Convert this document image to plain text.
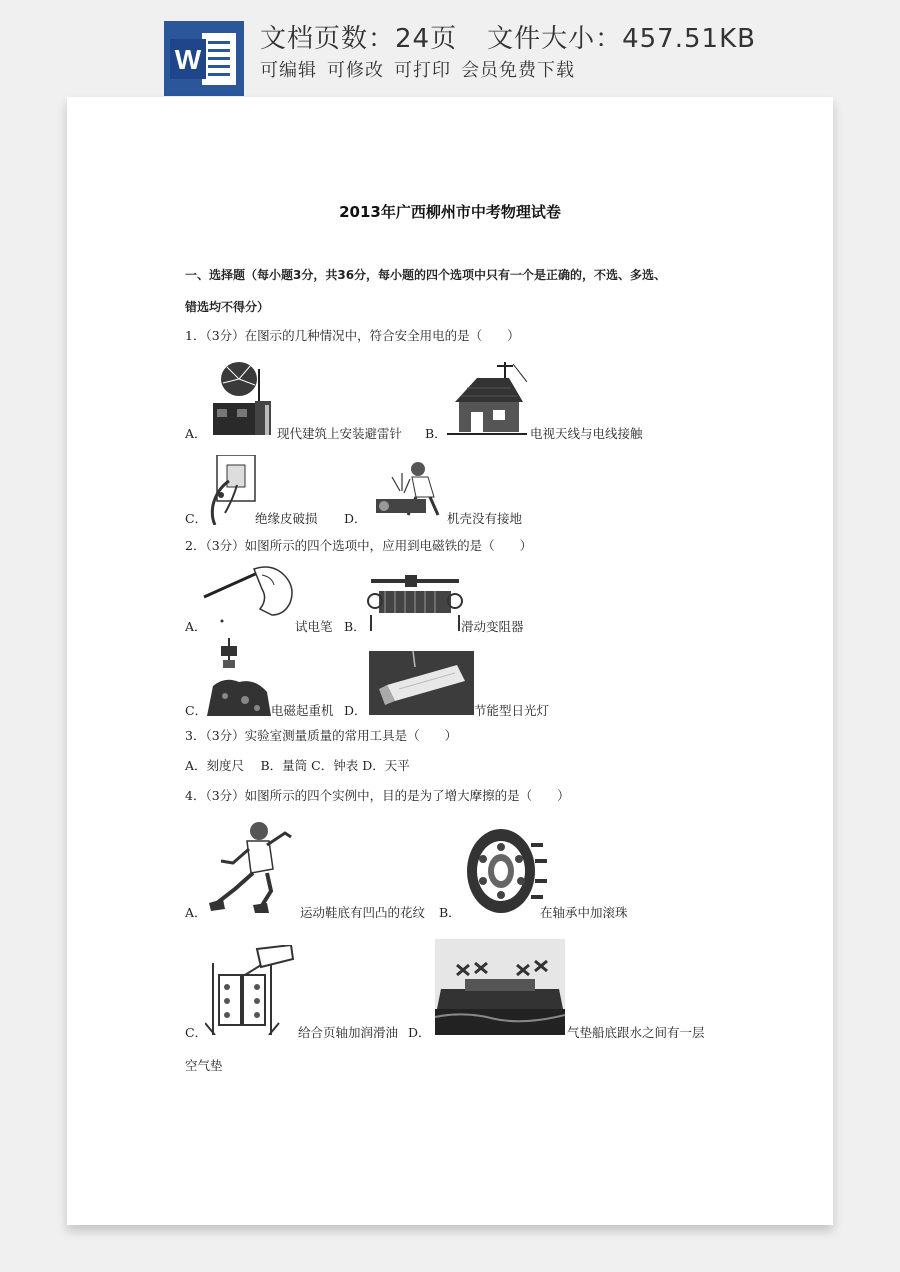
W
文档页数：24页 文件大小：457.51KB
可编辑 可修改 可打印 会员免费下载
2013年广西柳州市中考物理试卷
一、选择题（每小题3分，共36分，每小题的四个选项中只有一个是正确的，不选、多选、
错选均不得分）
1．（3分）在图示的几种情况中，符合安全用电的是（　　）
A．	现代建筑上安装避雷针 B．	电视天线与电线接触
C．	绝缘皮破损 D．	机壳没有接地
2．（3分）如图所示的四个选项中，应用到电磁铁的是（　　）
A．	试电笔 B．	滑动变阻器
C．	电磁起重机 D．	节能型日光灯
3．（3分）实验室测量质量的常用工具是（　　）
A．刻度尺　 B．量筒 C．钟表 D．天平
4．（3分）如图所示的四个实例中，目的是为了增大摩擦的是（　　）
A．	运动鞋底有凹凸的花纹 B．	在轴承中加滚珠
C．	给合页轴加润滑油 D．	气垫船底跟水之间有一层
空气垫
